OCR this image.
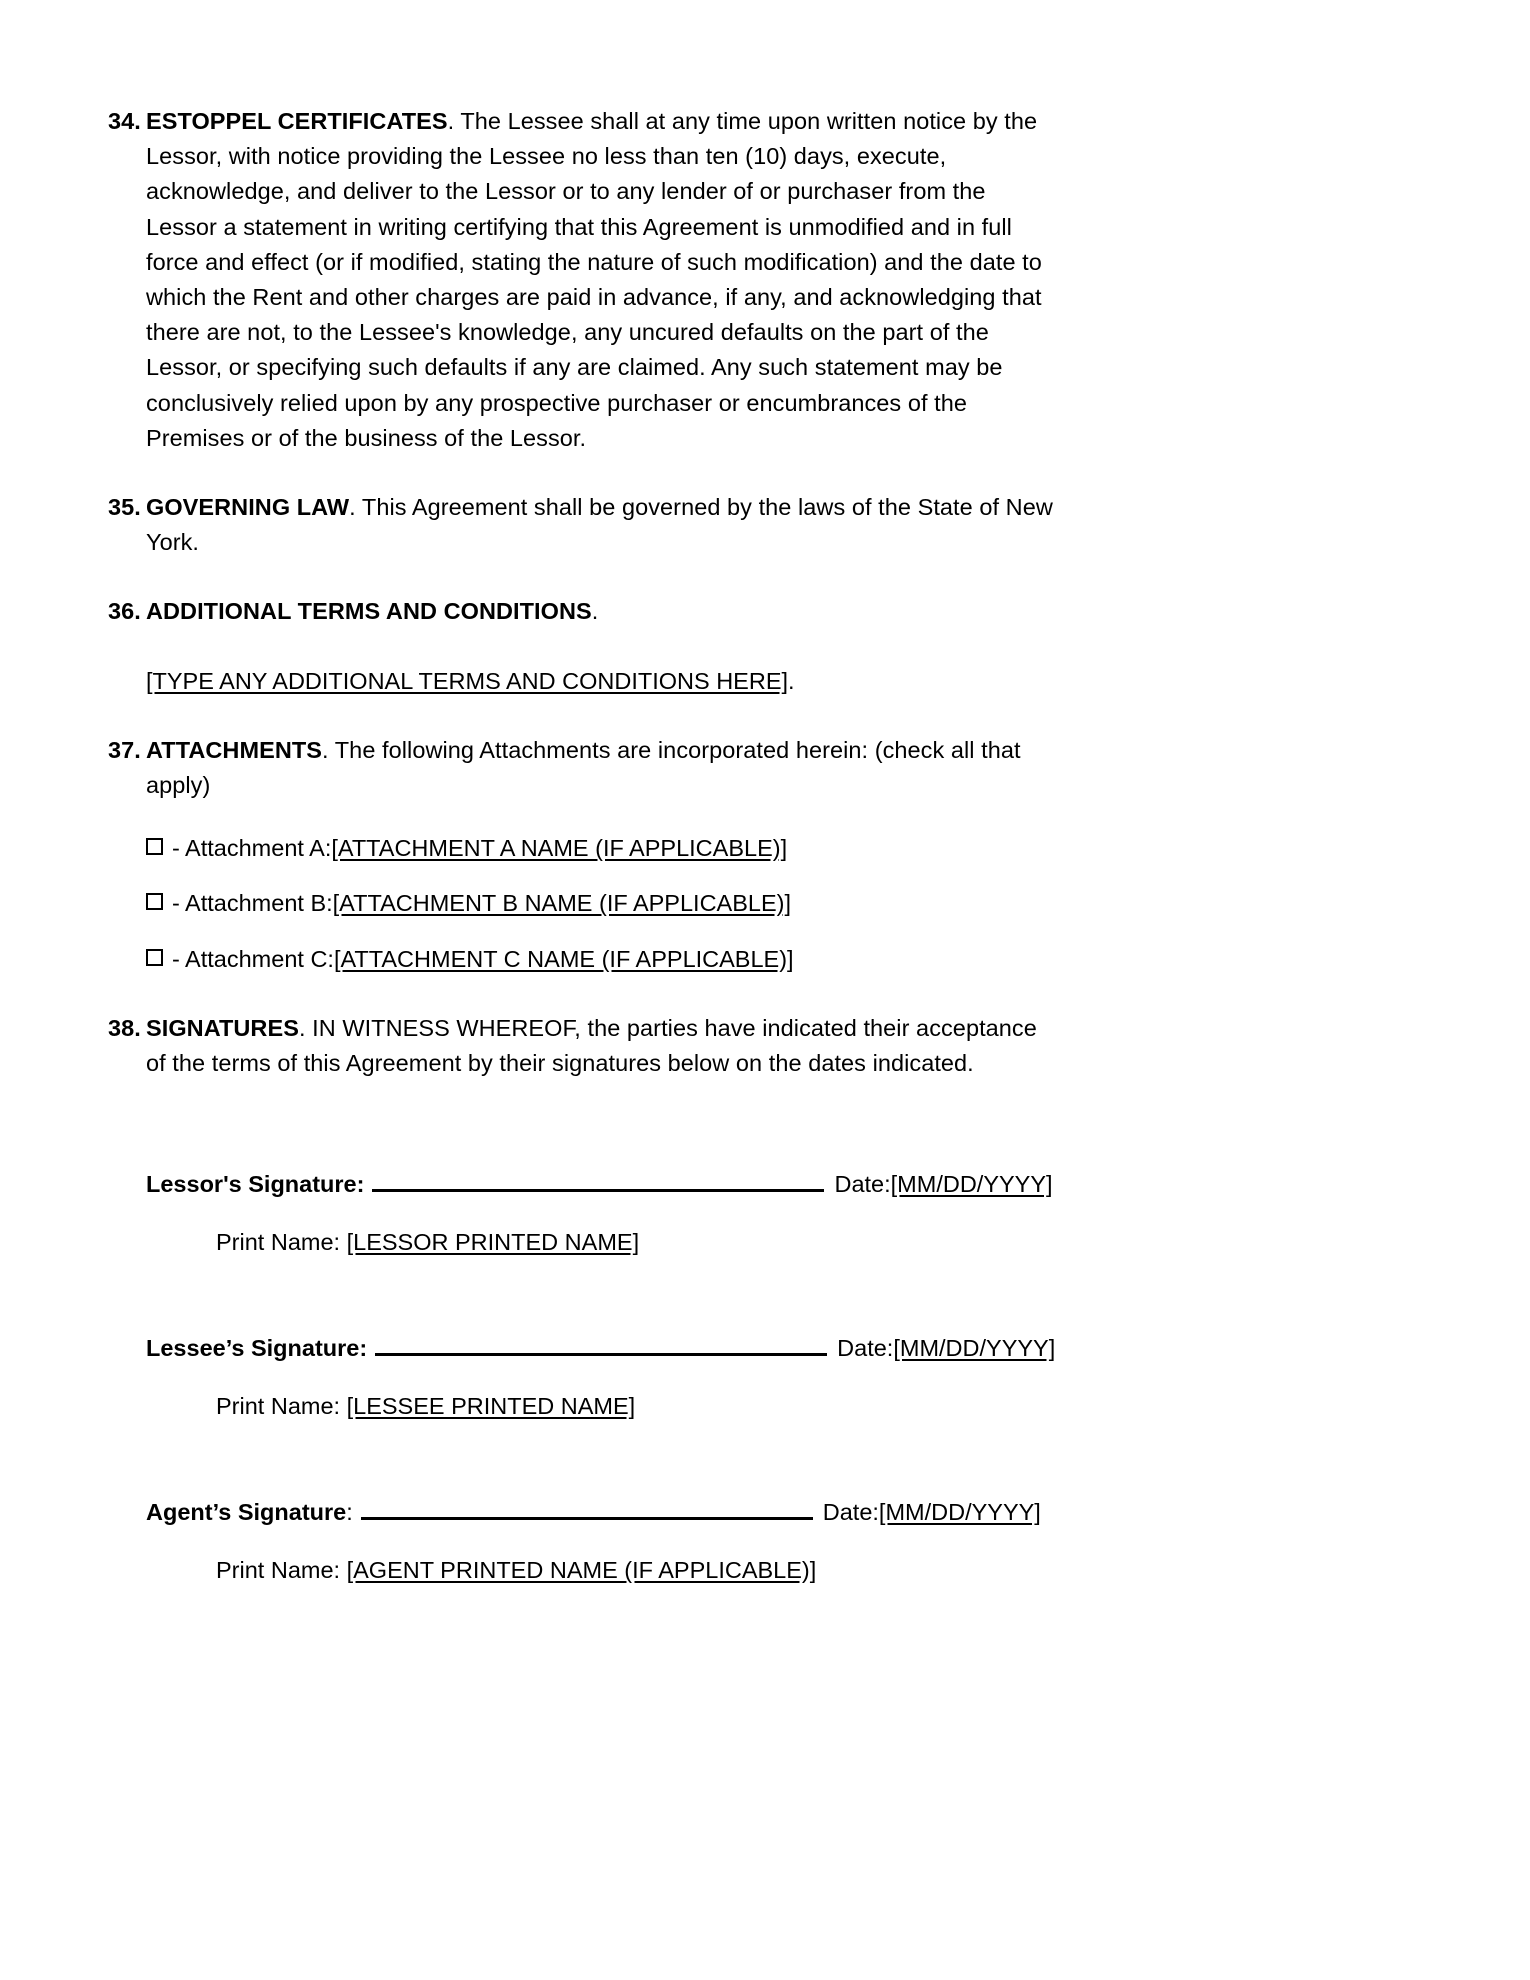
34. ESTOPPEL CERTIFICATES. The Lessee shall at any time upon written notice by the Lessor, with notice providing the Lessee no less than ten (10) days, execute, acknowledge, and deliver to the Lessor or to any lender of or purchaser from the Lessor a statement in writing certifying that this Agreement is unmodified and in full force and effect (or if modified, stating the nature of such modification) and the date to which the Rent and other charges are paid in advance, if any, and acknowledging that there are not, to the Lessee's knowledge, any uncured defaults on the part of the Lessor, or specifying such defaults if any are claimed. Any such statement may be conclusively relied upon by any prospective purchaser or encumbrances of the Premises or of the business of the Lessor.
35. GOVERNING LAW. This Agreement shall be governed by the laws of the State of New York.
36. ADDITIONAL TERMS AND CONDITIONS.
[TYPE ANY ADDITIONAL TERMS AND CONDITIONS HERE].
37. ATTACHMENTS. The following Attachments are incorporated herein: (check all that apply)
- Attachment A: [ATTACHMENT A NAME (IF APPLICABLE)]
- Attachment B: [ATTACHMENT B NAME (IF APPLICABLE)]
- Attachment C: [ATTACHMENT C NAME (IF APPLICABLE)]
38. SIGNATURES. IN WITNESS WHEREOF, the parties have indicated their acceptance of the terms of this Agreement by their signatures below on the dates indicated.
Lessor's Signature:	Date: [MM/DD/YYYY]
Print Name: [LESSOR PRINTED NAME]
Lessee’s Signature:	Date: [MM/DD/YYYY]
Print Name: [LESSEE PRINTED NAME]
Agent’s Signature :	Date: [MM/DD/YYYY]
Print Name: [AGENT PRINTED NAME (IF APPLICABLE)]
